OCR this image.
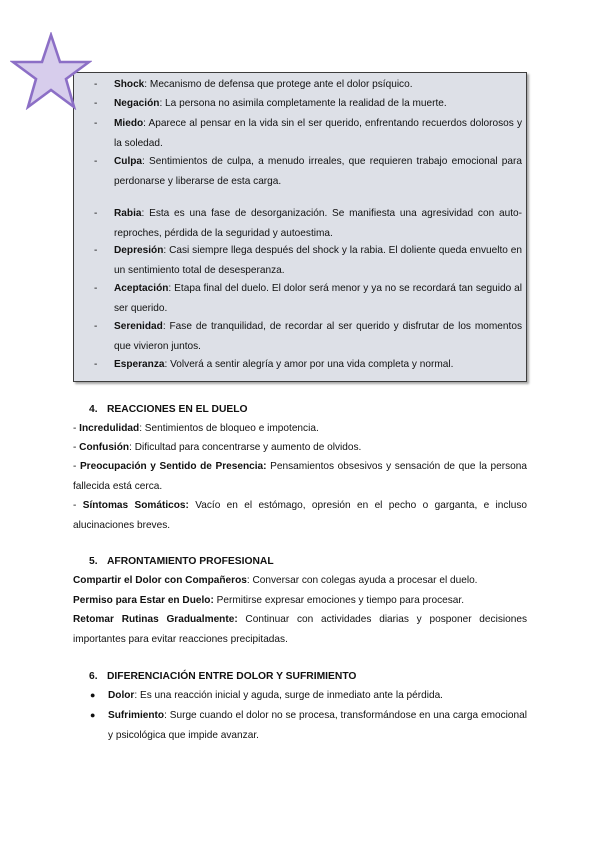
- Shock: Mecanismo de defensa que protege ante el dolor psíquico.
- Negación: La persona no asimila completamente la realidad de la muerte.
- Miedo: Aparece al pensar en la vida sin el ser querido, enfrentando recuerdos dolorosos y la soledad.
- Culpa: Sentimientos de culpa, a menudo irreales, que requieren trabajo emocional para perdonarse y liberarse de esta carga.
- Rabia: Esta es una fase de desorganización. Se manifiesta una agresividad con auto-reproches, pérdida de la seguridad y autoestima.
- Depresión: Casi siempre llega después del shock y la rabia. El doliente queda envuelto en un sentimiento total de desesperanza.
- Aceptación: Etapa final del duelo. El dolor será menor y ya no se recordará tan seguido al ser querido.
- Serenidad: Fase de tranquilidad, de recordar al ser querido y disfrutar de los momentos que vivieron juntos.
- Esperanza: Volverá a sentir alegría y amor por una vida completa y normal.
4. REACCIONES EN EL DUELO
- Incredulidad: Sentimientos de bloqueo e impotencia.
- Confusión: Dificultad para concentrarse y aumento de olvidos.
- Preocupación y Sentido de Presencia: Pensamientos obsesivos y sensación de que la persona fallecida está cerca.
- Síntomas Somáticos: Vacío en el estómago, opresión en el pecho o garganta, e incluso alucinaciones breves.
5. AFRONTAMIENTO PROFESIONAL
Compartir el Dolor con Compañeros: Conversar con colegas ayuda a procesar el duelo.
Permiso para Estar en Duelo: Permitirse expresar emociones y tiempo para procesar.
Retomar Rutinas Gradualmente: Continuar con actividades diarias y posponer decisiones importantes para evitar reacciones precipitadas.
6. DIFERENCIACIÓN ENTRE DOLOR Y SUFRIMIENTO
● Dolor: Es una reacción inicial y aguda, surge de inmediato ante la pérdida.
● Sufrimiento: Surge cuando el dolor no se procesa, transformándose en una carga emocional y psicológica que impide avanzar.
